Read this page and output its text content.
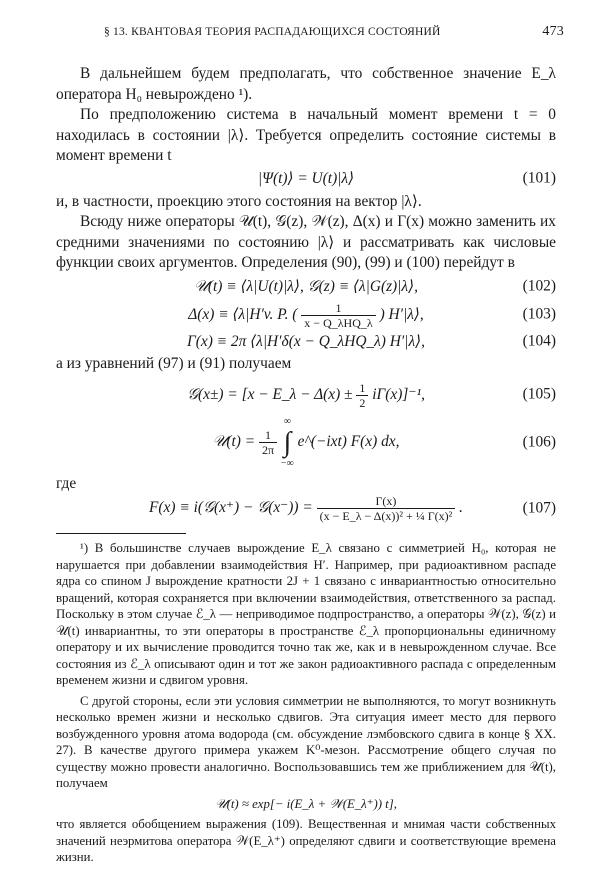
§ 13. КВАНТОВАЯ ТЕОРИЯ РАСПАДАЮЩИХСЯ СОСТОЯНИЙ	473

В дальнейшем будем предполагать, что собственное значение E_λ оператора H₀ невырождено ¹).

По предположению система в начальный момент времени t = 0 находилась в состоянии |λ⟩. Требуется определить состояние системы в момент времени t

|Ψ(t)⟩ = U(t)|λ⟩	(101)

и, в частности, проекцию этого состояния на вектор |λ⟩.

Всюду ниже операторы 𝒰(t), 𝒢(z), 𝒲(z), Δ(x) и Γ(x) можно заменить их средними значениями по состоянию |λ⟩ и рассматривать как числовые функции своих аргументов. Определения (90), (99) и (100) перейдут в

𝒰(t) ≡ ⟨λ|U(t)|λ⟩, 𝒢(z) ≡ ⟨λ|G(z)|λ⟩,	(102)
Δ(x) ≡ ⟨λ|H′v. P. (	1
x − Q_λHQ_λ ) H′|λ⟩,	(103)
Γ(x) ≡ 2π ⟨λ|H′δ(x − Q_λHQ_λ) H′|λ⟩,	(104)

а из уравнений (97) и (91) получаем

𝒢(x±) = [x − E_λ − $\Delta(x) \pm \frac{1}{2} i\Gamma(x)]^{-1}$,	(105)
𝒰(t) = $\frac{1}{2\pi}$

∞
∫
−∞
e^(−ixt) F(x) dx,	(106)

где

F(x) ≡ i(𝒢(x⁺) − 𝒢(x⁻)) = $\frac{\Gamma(x)}{\text{(x − E\_λ − Δ(x))² + ¼ Γ(x)²}}$ .	(107)

¹) В большинстве случаев вырождение E_λ связано с симметрией H₀, которая не нарушается при добавлении взаимодействия H′. Например, при радиоактивном распаде ядра со спином J вырождение кратности 2J + 1 связано с инвариантностью относительно вращений, которая сохраняется при включении взаимодействия, ответственного за распад. Поскольку в этом случае ℰ_λ — неприводимое подпространство, а операторы 𝒲(z), 𝒢(z) и 𝒰(t) инвариантны, то эти операторы в пространстве ℰ_λ пропорциональны единичному оператору и их вычисление проводится точно так же, как и в невырожденном случае. Все состояния из ℰ_λ описывают один и тот же закон радиоактивного распада с определенным временем жизни и сдвигом уровня.

С другой стороны, если эти условия симметрии не выполняются, то могут возникнуть несколько времен жизни и несколько сдвигов. Эта ситуация имеет место для первого возбужденного уровня атома водорода (см. обсуждение лэмбовского сдвига в конце § XX. 27). В качестве другого примера укажем K⁰-мезон. Рассмотрение общего случая по существу можно провести аналогично. Воспользовавшись тем же приближением для 𝒰(t), получаем

𝒰(t) ≈ exp[− i(E_λ + 𝒲(E_λ⁺)) t],

что является обобщением выражения (109). Вещественная и мнимая части собственных значений неэрмитова оператора 𝒲(E_λ⁺) определяют сдвиги и соответствующие времена жизни.
